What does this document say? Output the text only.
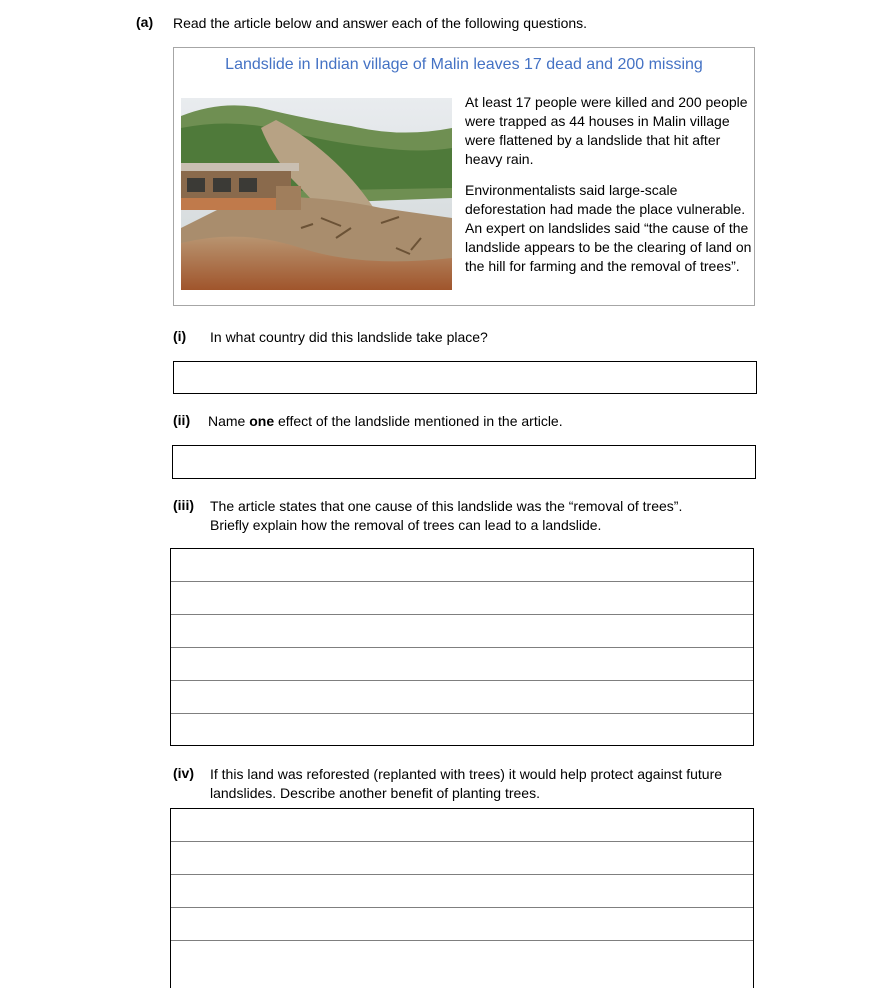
(a) Read the article below and answer each of the following questions.
Landslide in Indian village of Malin leaves 17 dead and 200 missing

At least 17 people were killed and 200 people were trapped as 44 houses in Malin village were flattened by a landslide that hit after heavy rain.

Environmentalists said large-scale deforestation had made the place vulnerable. An expert on landslides said “the cause of the landslide appears to be the clearing of land on the hill for farming and the removal of trees”.

(i) In what country did this landslide take place?
(ii) Name one effect of the landslide mentioned in the article.
(iii) The article states that one cause of this landslide was the “removal of trees”.
Briefly explain how the removal of trees can lead to a landslide.
(iv) If this land was reforested (replanted with trees) it would help protect against future
landslides. Describe another benefit of planting trees.
